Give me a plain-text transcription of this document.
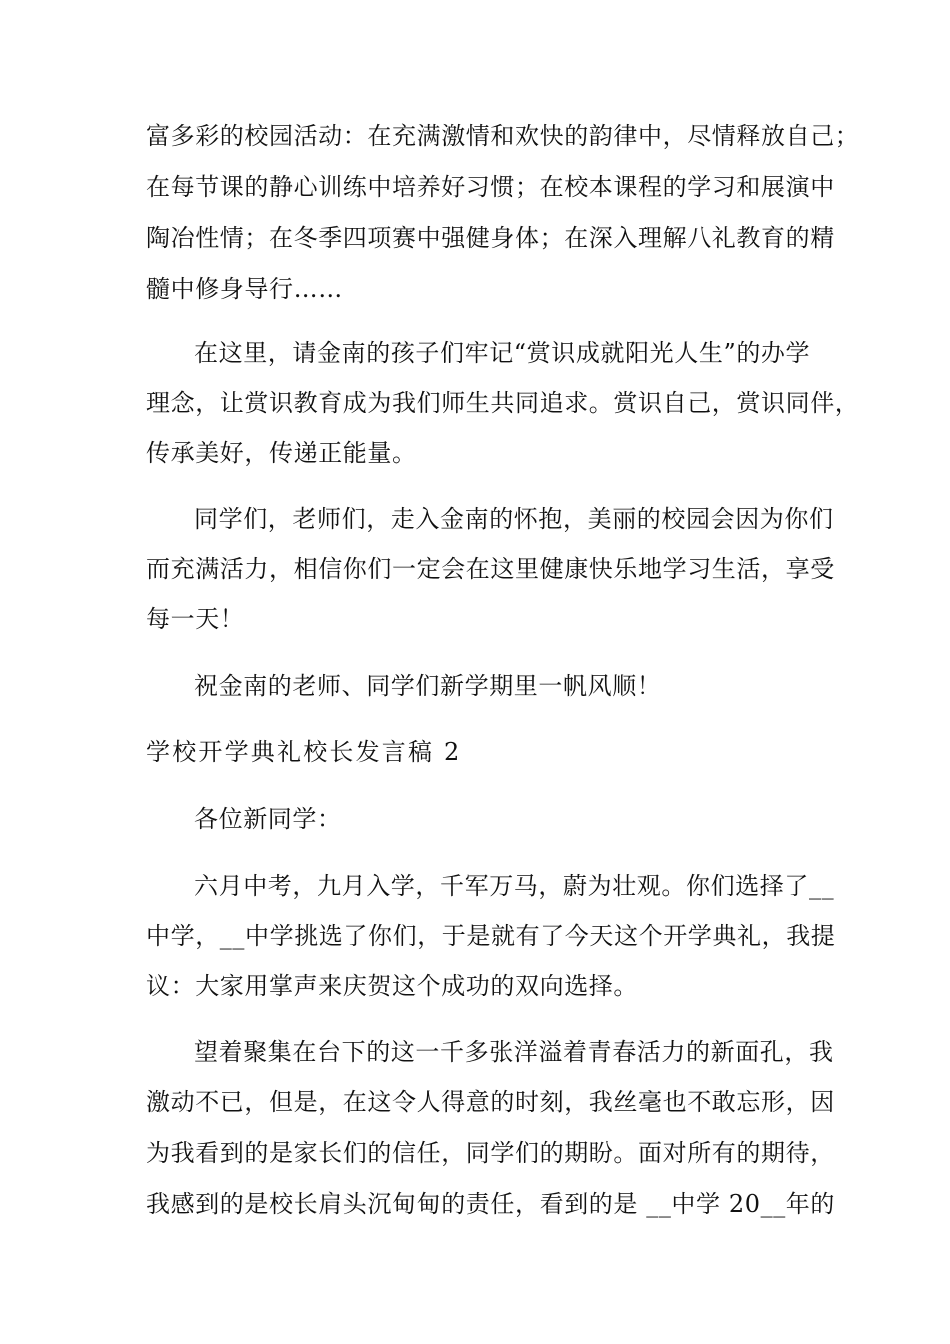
富多彩的校园活动：在充满激情和欢快的韵律中，尽情释放自己；
在每节课的静心训练中培养好习惯；在校本课程的学习和展演中
陶冶性情；在冬季四项赛中强健身体；在深入理解八礼教育的精
髓中修身导行……
在这里，请金南的孩子们牢记“赏识成就阳光人生”的办学
理念，让赏识教育成为我们师生共同追求。赏识自己，赏识同伴，
传承美好，传递正能量。
同学们，老师们，走入金南的怀抱，美丽的校园会因为你们
而充满活力，相信你们一定会在这里健康快乐地学习生活，享受
每一天！
祝金南的老师、同学们新学期里一帆风顺！
学校开学典礼校长发言稿 2
各位新同学：
六月中考，九月入学，千军万马，蔚为壮观。你们选择了__
中学，__中学挑选了你们，于是就有了今天这个开学典礼，我提
议：大家用掌声来庆贺这个成功的双向选择。
望着聚集在台下的这一千多张洋溢着青春活力的新面孔，我
激动不已，但是，在这令人得意的时刻，我丝毫也不敢忘形，因
为我看到的是家长们的信任，同学们的期盼。面对所有的期待，
我感到的是校长肩头沉甸甸的责任，看到的是 __中学 20__年的
